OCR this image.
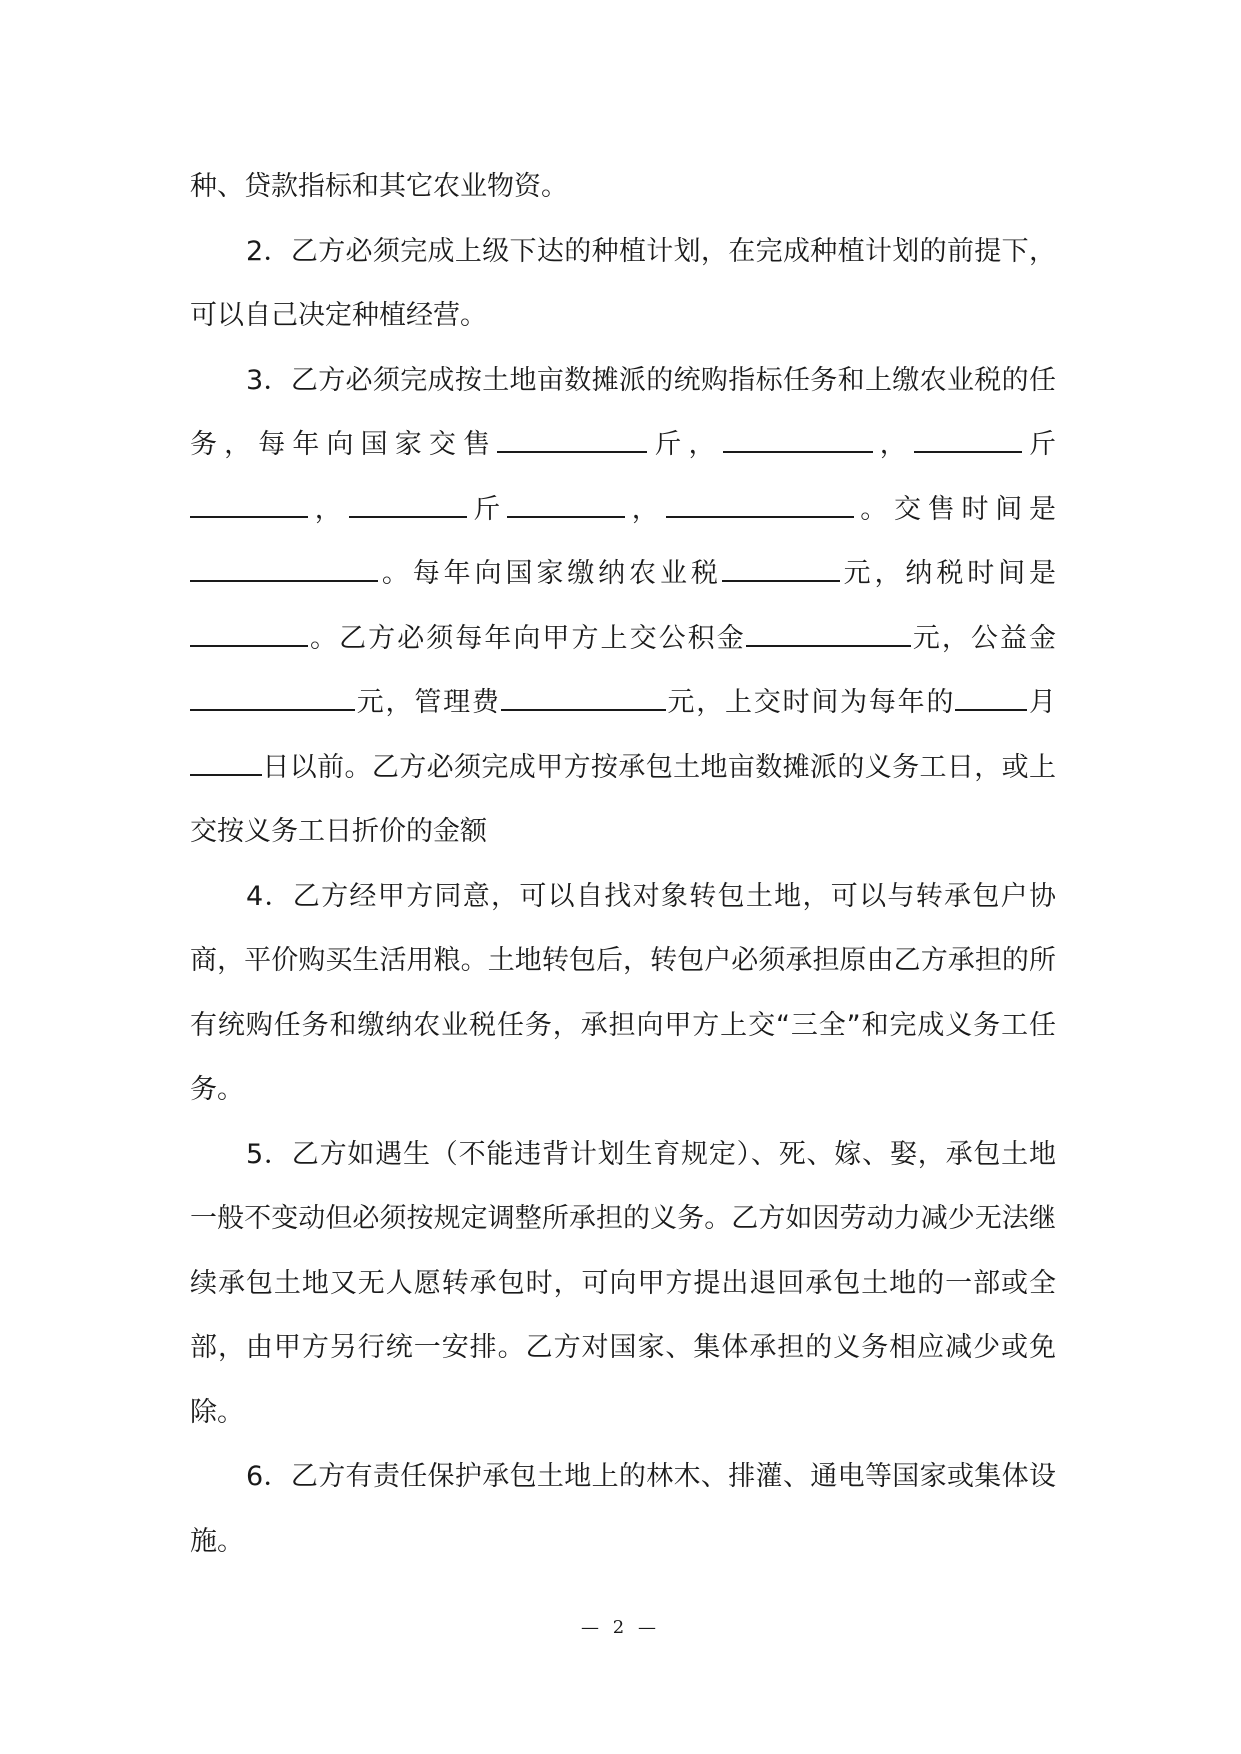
种、贷款指标和其它农业物资。

2．乙方必须完成上级下达的种植计划，在完成种植计划的前提下，可以自己决定种植经营。

3．乙方必须完成按土地亩数摊派的统购指标任务和上缴农业税的任务，每年向国家交售	斤，	，	斤，	斤	，	。交售时间是。每年向国家缴纳农业税	元，纳税时间是。乙方必须每年向甲方上交公积金	元，公益金元，管理费	元，上交时间为每年的	月日以前。乙方必须完成甲方按承包土地亩数摊派的义务工日，或上交按义务工日折价的金额

4．乙方经甲方同意，可以自找对象转包土地，可以与转承包户协商，平价购买生活用粮。土地转包后，转包户必须承担原由乙方承担的所有统购任务和缴纳农业税任务，承担向甲方上交“三全”和完成义务工任务。

5．乙方如遇生（不能违背计划生育规定）、死、嫁、娶，承包土地一般不变动但必须按规定调整所承担的义务。乙方如因劳动力减少无法继续承包土地又无人愿转承包时，可向甲方提出退回承包土地的一部或全部，由甲方另行统一安排。乙方对国家、集体承担的义务相应减少或免除。

6．乙方有责任保护承包土地上的林木、排灌、通电等国家或集体设施。

— 2 —
